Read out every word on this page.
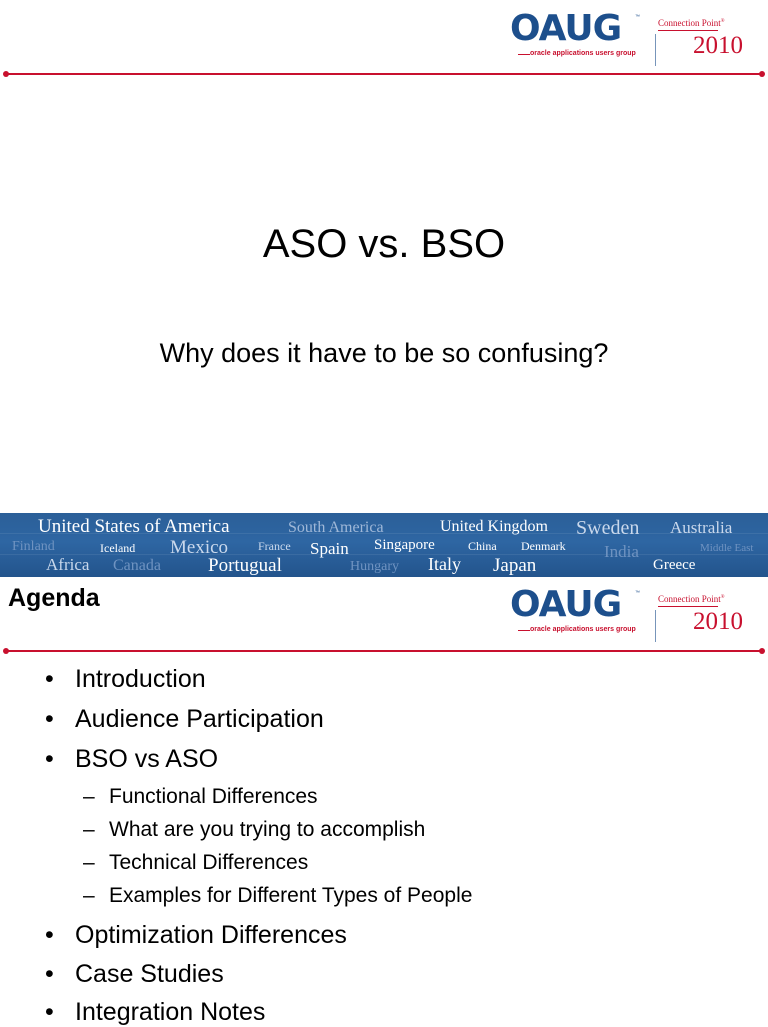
OAUG	™
oracle applications users group
Connection Point®
2010
ASO vs. BSO
Why does it have to be so confusing?
United States of America	South America	United Kingdom Sweden Australia
Finland	Iceland Mexico France Spain Singapore	China Denmark India	Middle East
Africa Canada Portugual	Hungary Italy Japan	Greece
Agenda	OAUG	™
oracle applications users group
Connection Point®
2010
• Introduction
• Audience Participation
• BSO vs ASO
– Functional Differences
– What are you trying to accomplish
– Technical Differences
– Examples for Different Types of People
• Optimization Differences
• Case Studies
• Integration Notes
